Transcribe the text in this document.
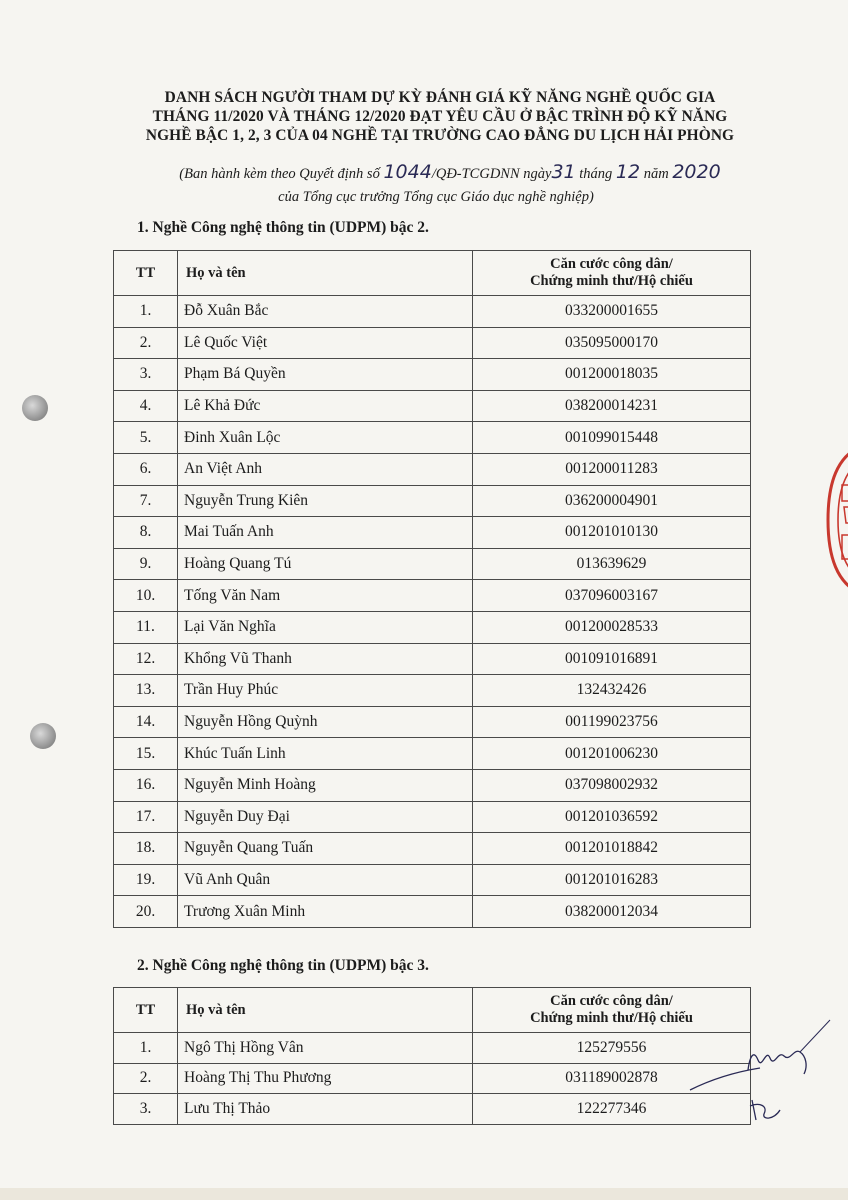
DANH SÁCH NGƯỜI THAM DỰ KỲ ĐÁNH GIÁ KỸ NĂNG NGHỀ QUỐC GIA
THÁNG 11/2020 VÀ THÁNG 12/2020 ĐẠT YÊU CẦU Ở BẬC TRÌNH ĐỘ KỸ NĂNG
NGHỀ BẬC 1, 2, 3 CỦA 04 NGHỀ TẠI TRƯỜNG CAO ĐẲNG DU LỊCH HẢI PHÒNG
(Ban hành kèm theo Quyết định số 1044/QĐ-TCGDNN ngày31 tháng 12 năm 2020
của Tổng cục trưởng Tổng cục Giáo dục nghề nghiệp)
1. Nghề Công nghệ thông tin (UDPM) bậc 2.
TT	Họ và tên	Căn cước công dân/
Chứng minh thư/Hộ chiếu

1.	Đỗ Xuân Bắc	033200001655
2.	Lê Quốc Việt	035095000170
3.	Phạm Bá Quyền	001200018035
4.	Lê Khả Đức	038200014231
5.	Đinh Xuân Lộc	001099015448
6.	An Việt Anh	001200011283
7.	Nguyễn Trung Kiên	036200004901
8.	Mai Tuấn Anh	001201010130
9.	Hoàng Quang Tú	013639629
10.	Tống Văn Nam	037096003167
11.	Lại Văn Nghĩa	001200028533
12.	Khổng Vũ Thanh	001091016891
13.	Trần Huy Phúc	132432426
14.	Nguyễn Hồng Quỳnh	001199023756
15.	Khúc Tuấn Linh	001201006230
16.	Nguyễn Minh Hoàng	037098002932
17.	Nguyễn Duy Đại	001201036592
18.	Nguyễn Quang Tuấn	001201018842
19.	Vũ Anh Quân	001201016283
20.	Trương Xuân Minh	038200012034
2. Nghề Công nghệ thông tin (UDPM) bậc 3.
TT	Họ và tên	Căn cước công dân/
Chứng minh thư/Hộ chiếu

1.	Ngô Thị Hồng Vân	125279556
2.	Hoàng Thị Thu Phương	031189002878
3.	Lưu Thị Thảo	122277346
